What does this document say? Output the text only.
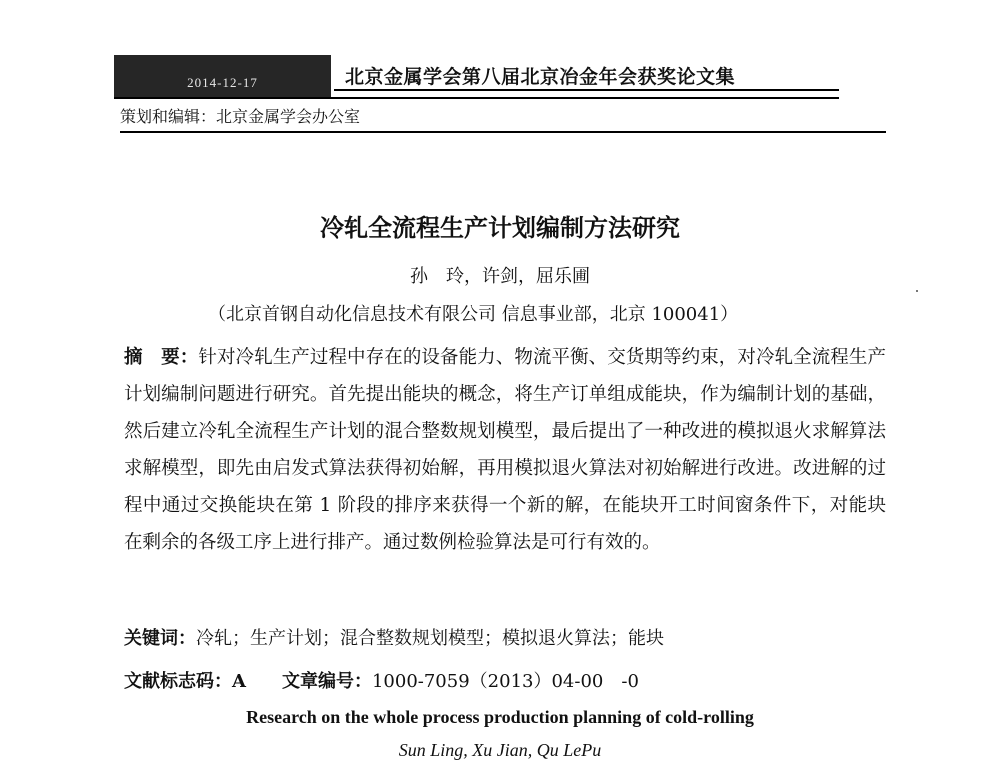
2014-12-17	北京金属学会第八届北京冶金年会获奖论文集
策划和编辑：北京金属学会办公室
冷轧全流程生产计划编制方法研究
孙　玲，许剑，屈乐圃
（北京首钢自动化信息技术有限公司 信息事业部，北京 100041）
摘　要：针对冷轧生产过程中存在的设备能力、物流平衡、交货期等约束，对冷轧全流程生产计划编制问题进行研究。首先提出能块的概念，将生产订单组成能块，作为编制计划的基础，然后建立冷轧全流程生产计划的混合整数规划模型，最后提出了一种改进的模拟退火求解算法求解模型，即先由启发式算法获得初始解，再用模拟退火算法对初始解进行改进。改进解的过程中通过交换能块在第 1 阶段的排序来获得一个新的解，在能块开工时间窗条件下，对能块在剩余的各级工序上进行排产。通过数例检验算法是可行有效的。
关键词：冷轧；生产计划；混合整数规划模型；模拟退火算法；能块
文献标志码：A 文章编号：1000-7059（2013）04-00　-0
Research on the whole process production planning of cold-rolling
Sun Ling, Xu Jian, Qu LePu
